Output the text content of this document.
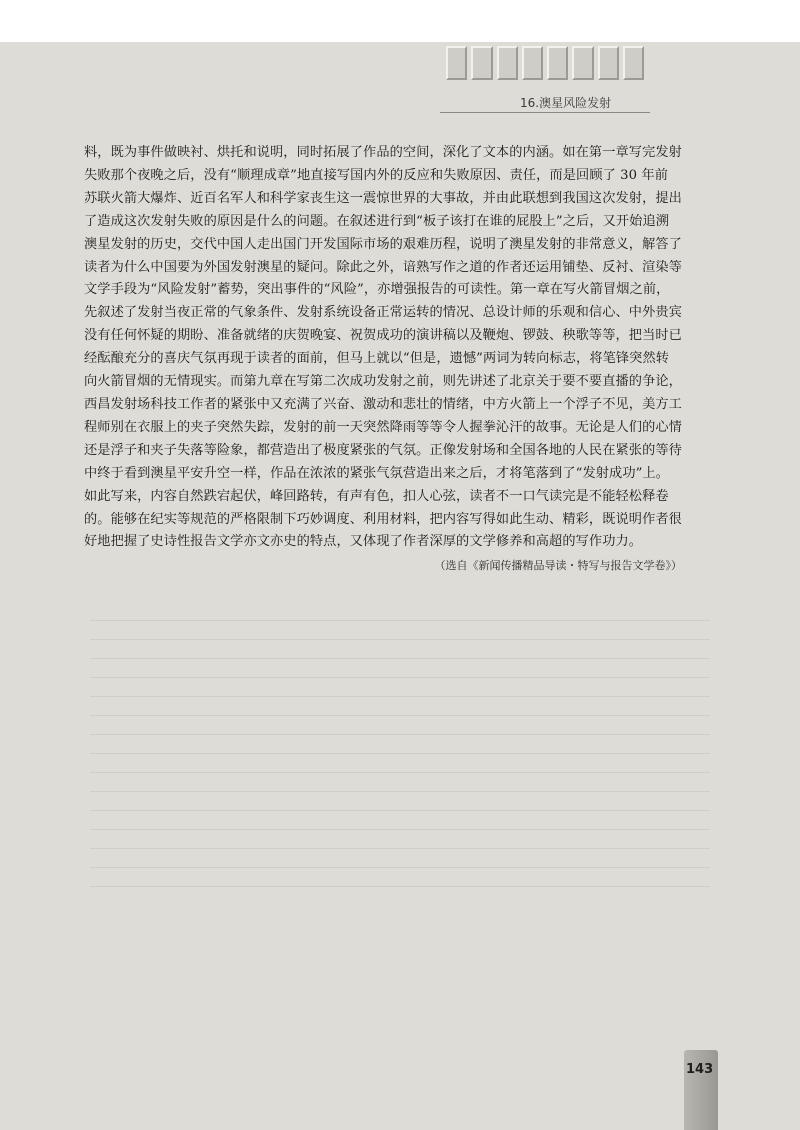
16.澳星风险发射

料，既为事件做映衬、烘托和说明，同时拓展了作品的空间，深化了文本的内涵。如在第一章写完发射

失败那个夜晚之后，没有“顺理成章”地直接写国内外的反应和失败原因、责任，而是回顾了 30 年前

苏联火箭大爆炸、近百名军人和科学家丧生这一震惊世界的大事故，并由此联想到我国这次发射，提出

了造成这次发射失败的原因是什么的问题。在叙述进行到“板子该打在谁的屁股上”之后，又开始追溯

澳星发射的历史，交代中国人走出国门开发国际市场的艰难历程，说明了澳星发射的非常意义，解答了

读者为什么中国要为外国发射澳星的疑问。除此之外，谙熟写作之道的作者还运用铺垫、反衬、渲染等

文学手段为“风险发射”蓄势，突出事件的“风险”，亦增强报告的可读性。第一章在写火箭冒烟之前，

先叙述了发射当夜正常的气象条件、发射系统设备正常运转的情况、总设计师的乐观和信心、中外贵宾

没有任何怀疑的期盼、准备就绪的庆贺晚宴、祝贺成功的演讲稿以及鞭炮、锣鼓、秧歌等等，把当时已

经酝酿充分的喜庆气氛再现于读者的面前，但马上就以“但是，遗憾”两词为转向标志，将笔锋突然转

向火箭冒烟的无情现实。而第九章在写第二次成功发射之前，则先讲述了北京关于要不要直播的争论，

西昌发射场科技工作者的紧张中又充满了兴奋、激动和悲壮的情绪，中方火箭上一个浮子不见，美方工

程师别在衣服上的夹子突然失踪，发射的前一天突然降雨等等令人握拳沁汗的故事。无论是人们的心情

还是浮子和夹子失落等险象，都营造出了极度紧张的气氛。正像发射场和全国各地的人民在紧张的等待

中终于看到澳星平安升空一样，作品在浓浓的紧张气氛营造出来之后，才将笔落到了“发射成功”上。

如此写来，内容自然跌宕起伏，峰回路转，有声有色，扣人心弦，读者不一口气读完是不能轻松释卷

的。能够在纪实等规范的严格限制下巧妙调度、利用材料，把内容写得如此生动、精彩，既说明作者很

好地把握了史诗性报告文学亦文亦史的特点，又体现了作者深厚的文学修养和高超的写作功力。

（选自《新闻传播精品导读・特写与报告文学卷》）
143
